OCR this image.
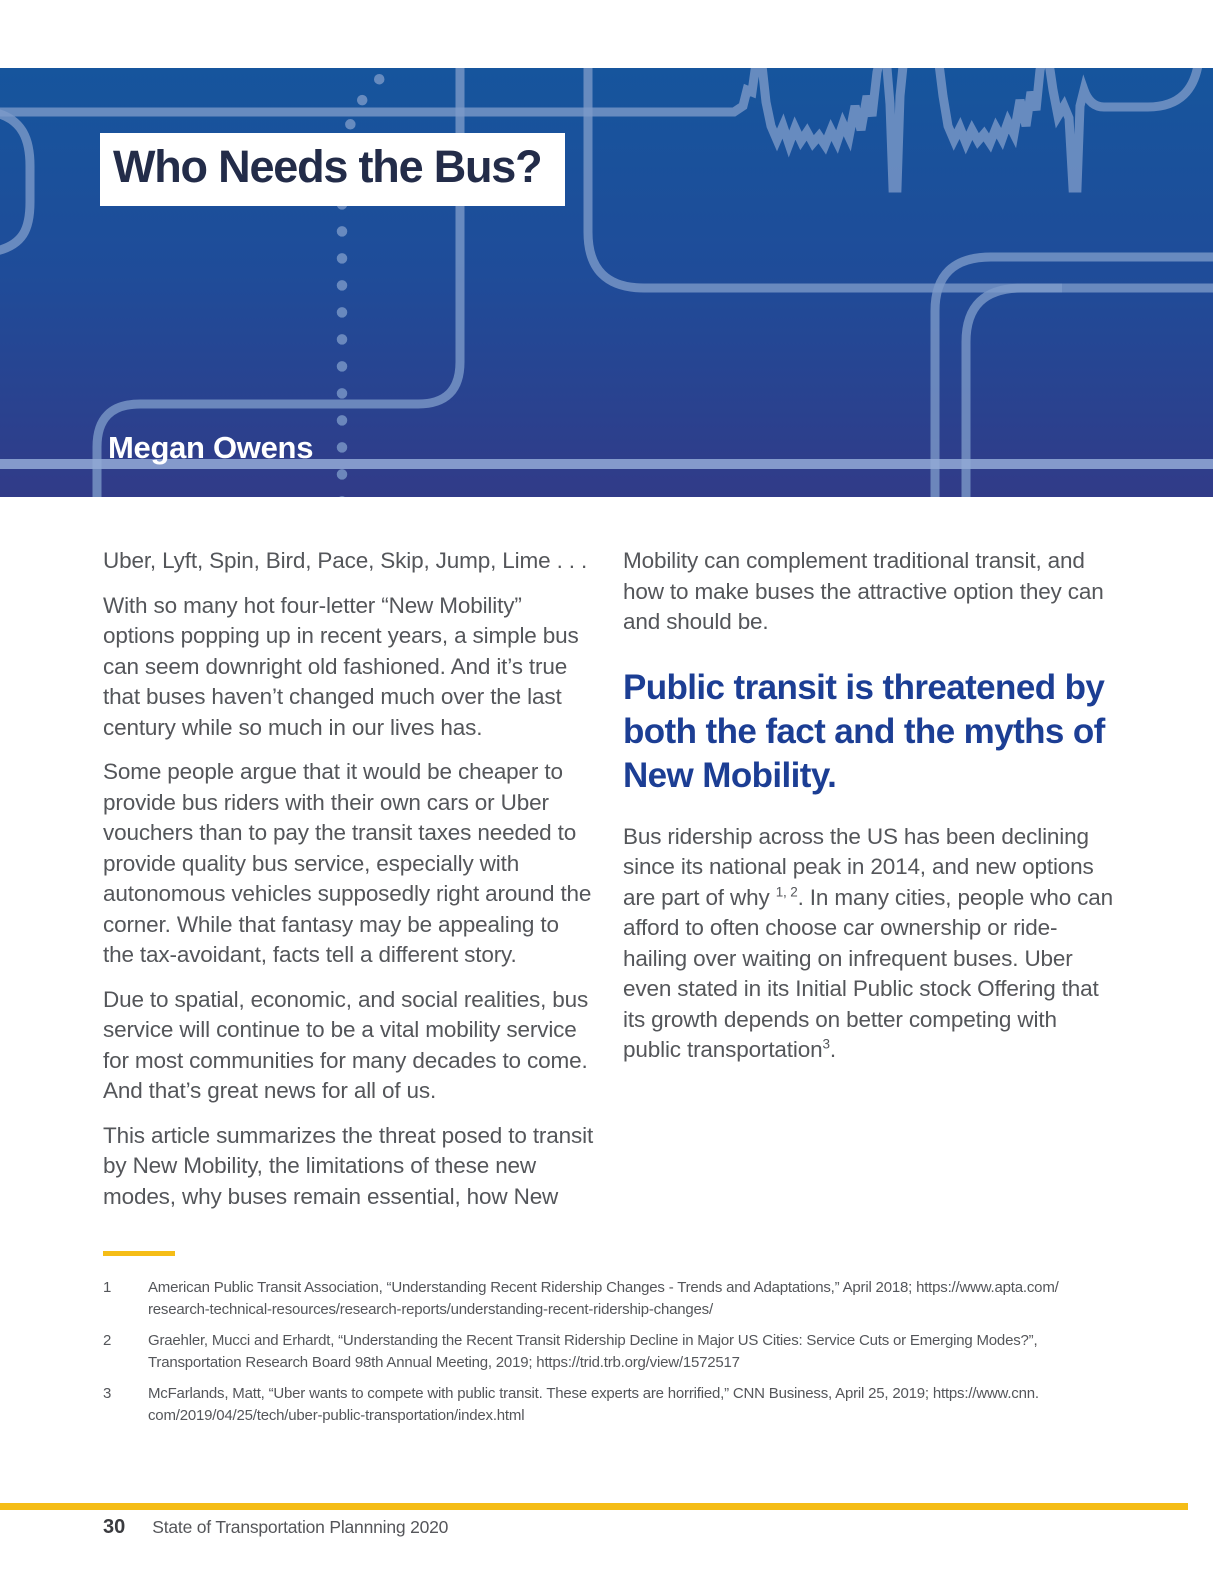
Who Needs the Bus?
Megan Owens

Uber, Lyft, Spin, Bird, Pace, Skip, Jump, Lime . . .

With so many hot four-letter “New Mobility” options popping up in recent years, a simple bus can seem downright old fashioned. And it’s true that buses haven’t changed much over the last century while so much in our lives has.

Some people argue that it would be cheaper to provide bus riders with their own cars or Uber vouchers than to pay the transit taxes needed to provide quality bus service, especially with autonomous vehicles supposedly right around the corner. While that fantasy may be appealing to the tax-avoidant, facts tell a different story.

Due to spatial, economic, and social realities, bus service will continue to be a vital mobility service for most communities for many decades to come. And that’s great news for all of us.

This article summarizes the threat posed to transit by New Mobility, the limitations of these new modes, why buses remain essential, how New

Mobility can complement traditional transit, and how to make buses the attractive option they can and should be.

Public transit is threatened by both the fact and the myths of New Mobility.

Bus ridership across the US has been declining since its national peak in 2014, and new options are part of why $^{1, 2}$. In many cities, people who can afford to often choose car ownership or ride-hailing over waiting on infrequent buses. Uber even stated in its Initial Public stock Offering that its growth depends on better competing with public transportation$^3$.

1	American Public Transit Association, “Understanding Recent Ridership Changes - Trends and Adaptations,” April 2018; https://www.apta.com/
research-technical-resources/research-reports/understanding-recent-ridership-changes/
2	Graehler, Mucci and Erhardt, “Understanding the Recent Transit Ridership Decline in Major US Cities: Service Cuts or Emerging Modes?”,
Transportation Research Board 98th Annual Meeting, 2019; https://trid.trb.org/view/1572517
3	McFarlands, Matt, “Uber wants to compete with public transit. These experts are horrified,” CNN Business, April 25, 2019; https://www.cnn.
com/2019/04/25/tech/uber-public-transportation/index.html
30 State of Transportation Plannning 2020
